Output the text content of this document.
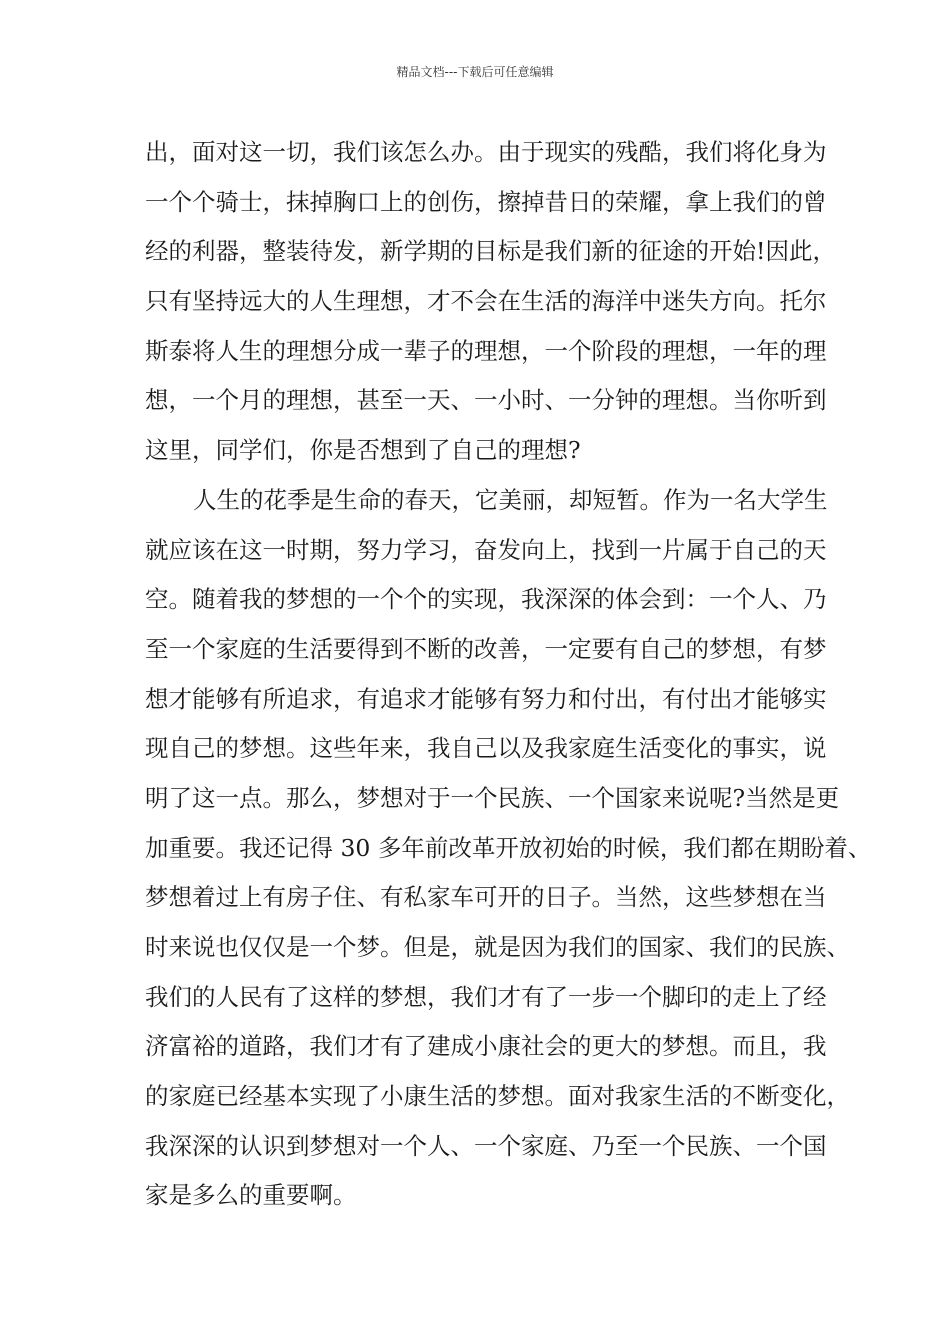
精品文档---下载后可任意编辑
出，面对这一切，我们该怎么办。由于现实的残酷，我们将化身为
一个个骑士，抹掉胸口上的创伤，擦掉昔日的荣耀，拿上我们的曾
经的利器，整装待发，新学期的目标是我们新的征途的开始!因此，
只有坚持远大的人生理想，才不会在生活的海洋中迷失方向。托尔
斯泰将人生的理想分成一辈子的理想，一个阶段的理想，一年的理
想，一个月的理想，甚至一天、一小时、一分钟的理想。当你听到
这里，同学们，你是否想到了自己的理想?
人生的花季是生命的春天，它美丽，却短暂。作为一名大学生
就应该在这一时期，努力学习，奋发向上，找到一片属于自己的天
空。随着我的梦想的一个个的实现，我深深的体会到：一个人、乃
至一个家庭的生活要得到不断的改善，一定要有自己的梦想，有梦
想才能够有所追求，有追求才能够有努力和付出，有付出才能够实
现自己的梦想。这些年来，我自己以及我家庭生活变化的事实，说
明了这一点。那么，梦想对于一个民族、一个国家来说呢?当然是更
加重要。我还记得 30 多年前改革开放初始的时候，我们都在期盼着、
梦想着过上有房子住、有私家车可开的日子。当然，这些梦想在当
时来说也仅仅是一个梦。但是，就是因为我们的国家、我们的民族、
我们的人民有了这样的梦想，我们才有了一步一个脚印的走上了经
济富裕的道路，我们才有了建成小康社会的更大的梦想。而且，我
的家庭已经基本实现了小康生活的梦想。面对我家生活的不断变化，
我深深的认识到梦想对一个人、一个家庭、乃至一个民族、一个国
家是多么的重要啊。
